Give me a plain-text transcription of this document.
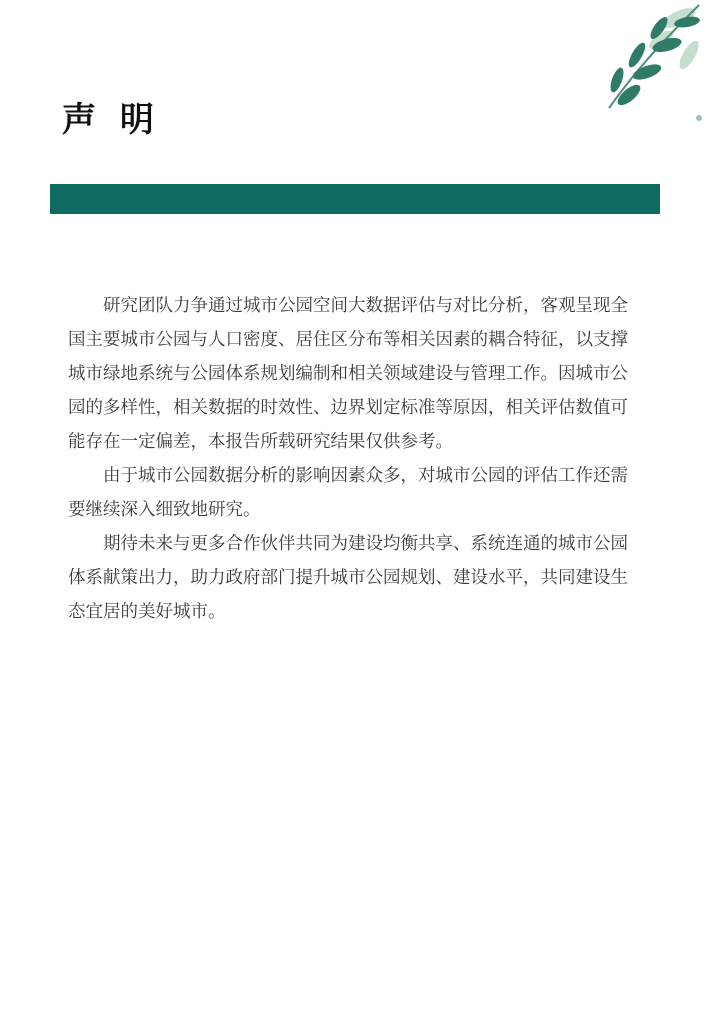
声 明

研究团队力争通过城市公园空间大数据评估与对比分析，客观呈现全国主要城市公园与人口密度、居住区分布等相关因素的耦合特征，以支撑城市绿地系统与公园体系规划编制和相关领域建设与管理工作。因城市公园的多样性，相关数据的时效性、边界划定标准等原因，相关评估数值可能存在一定偏差，本报告所载研究结果仅供参考。

由于城市公园数据分析的影响因素众多，对城市公园的评估工作还需要继续深入细致地研究。

期待未来与更多合作伙伴共同为建设均衡共享、系统连通的城市公园体系献策出力，助力政府部门提升城市公园规划、建设水平，共同建设生态宜居的美好城市。
